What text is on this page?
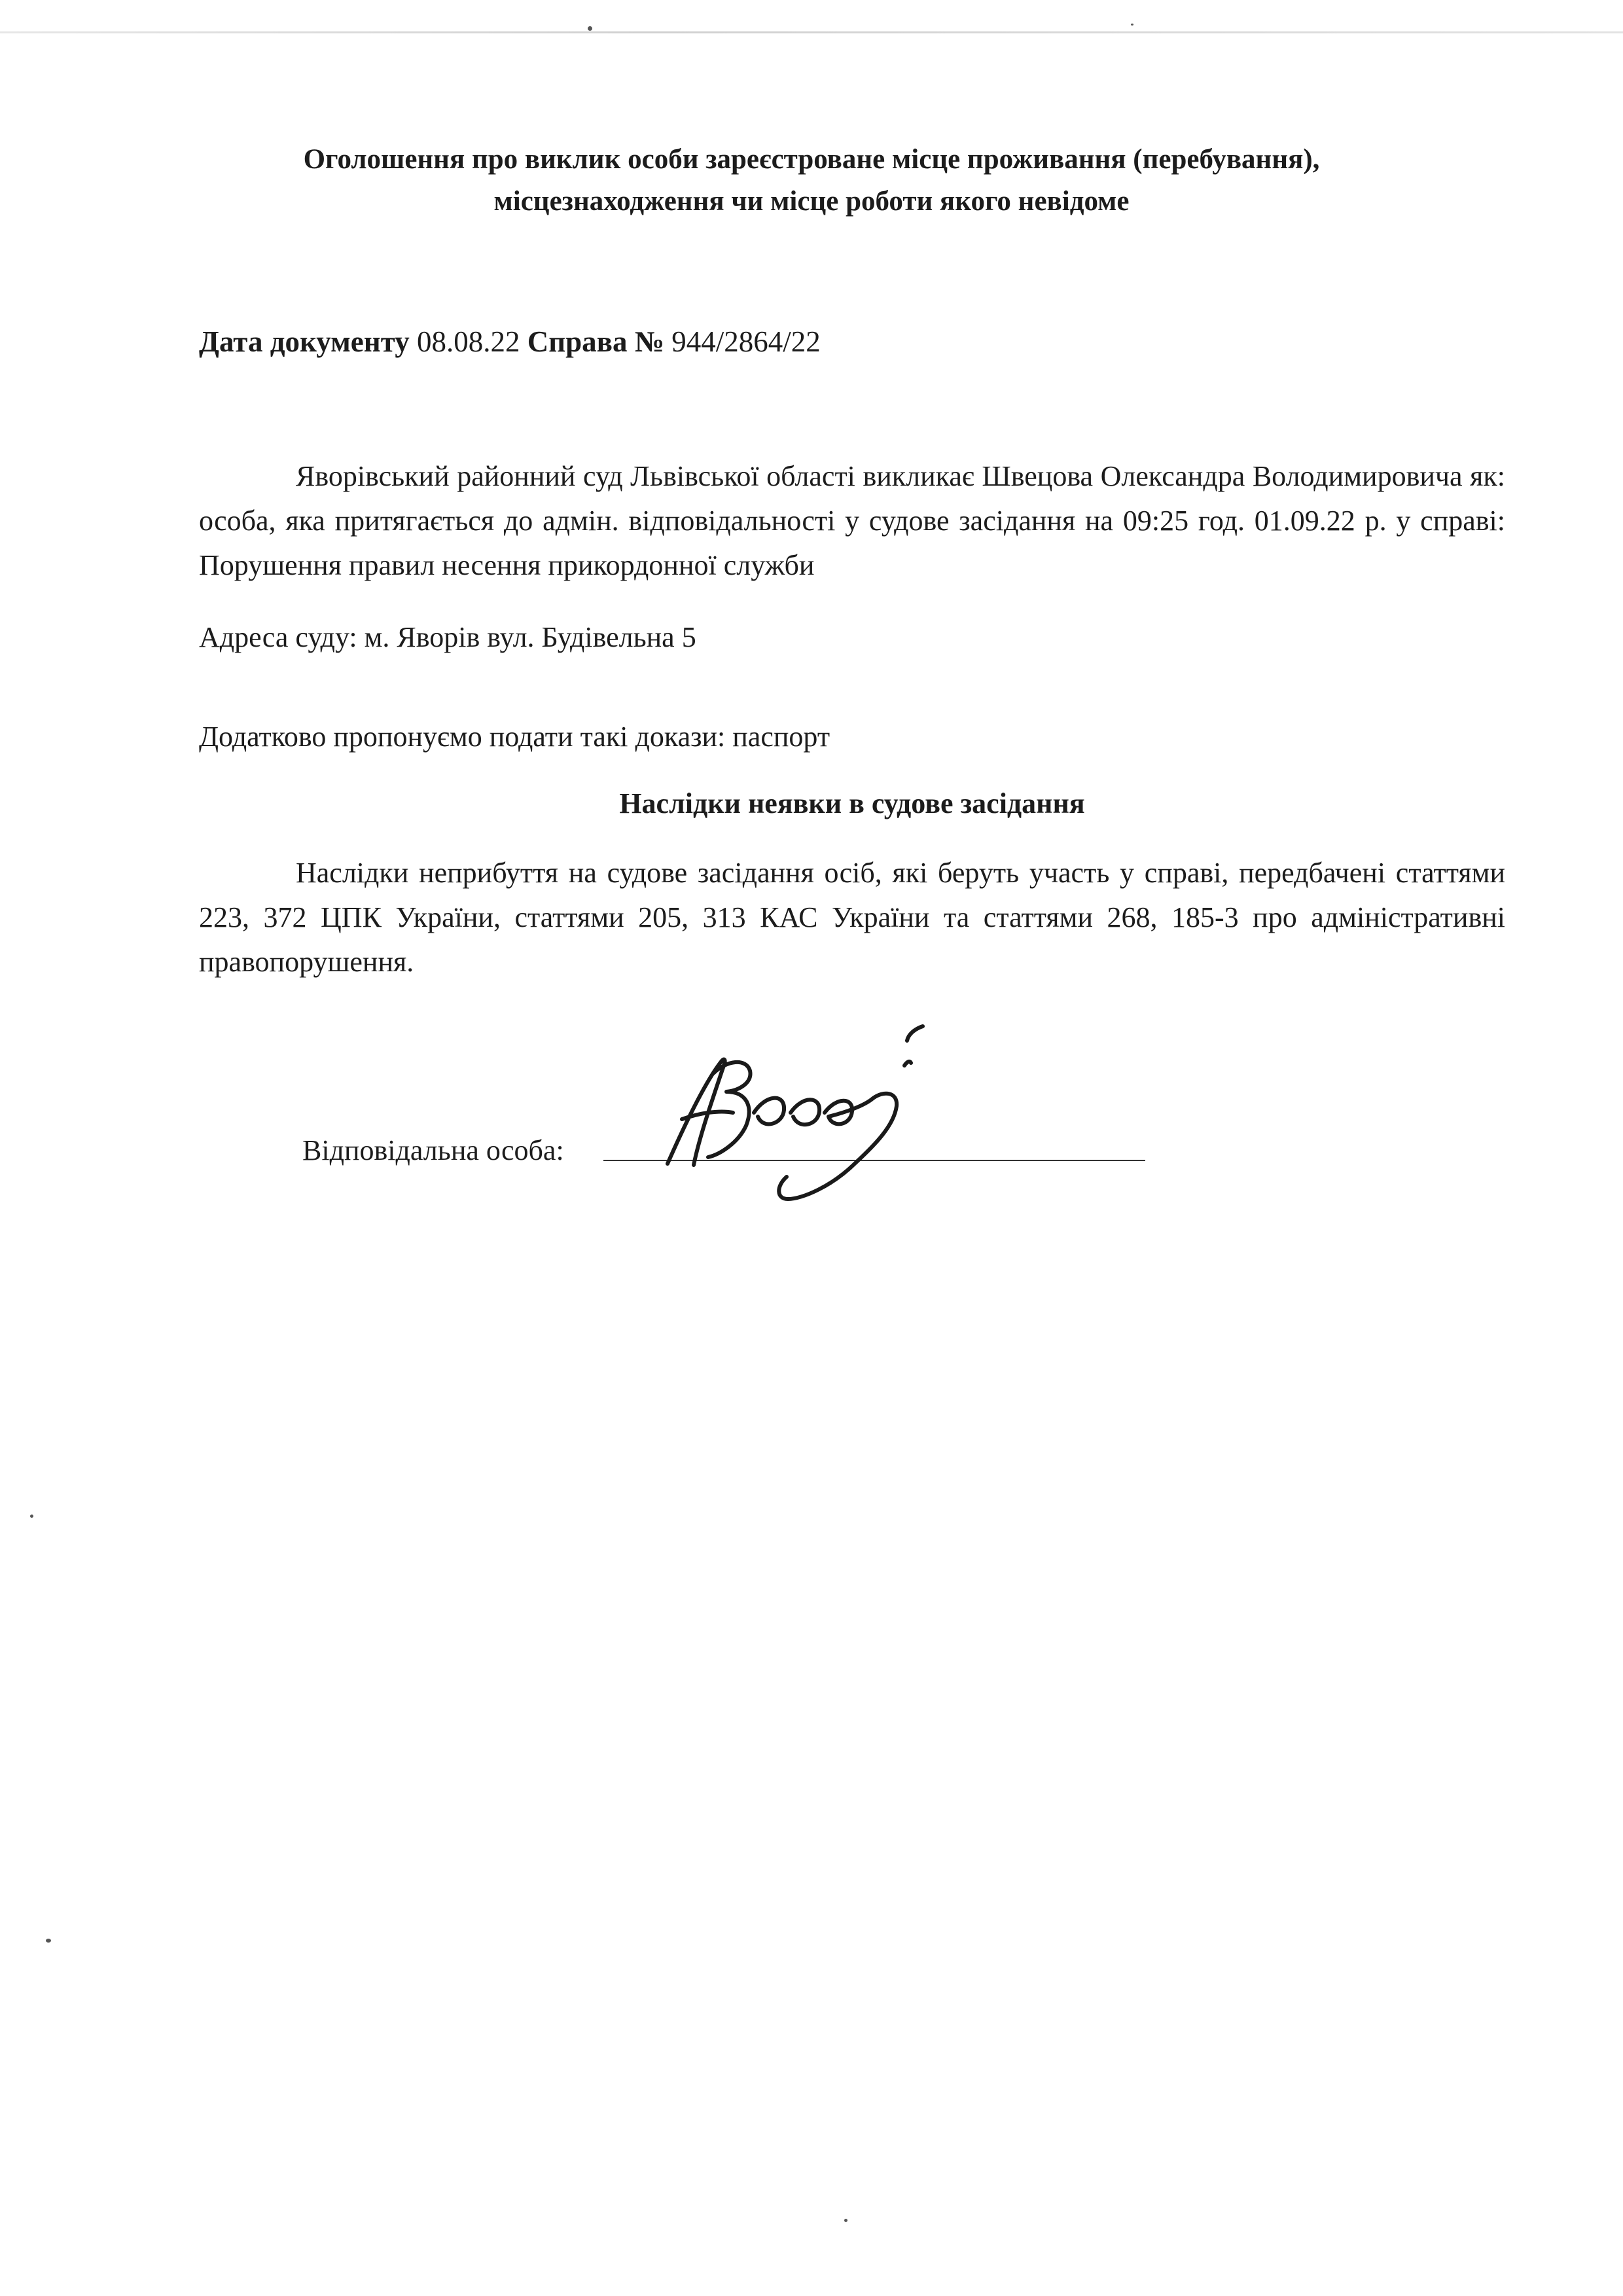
Оголошення про виклик особи зареєстроване місце проживання (перебування),
місцезнаходження чи місце роботи якого невідоме
Дата документу 08.08.22 Справа № 944/2864/22

Яворівський районний суд Львівської області викликає Швецова Олександра Володимировича як: особа, яка притягається до адмін. відповідальності у судове засідання на 09:25 год. 01.09.22 р. у справі: Порушення правил несення прикордонної служби

Адреса суду: м. Яворів вул. Будівельна 5
Додатково пропонуємо подати такі докази: паспорт
Наслідки неявки в судове засідання

Наслідки неприбуття на судове засідання осіб, які беруть участь у справі, передбачені статтями 223, 372 ЦПК України, статтями 205, 313 КАС України та статтями 268, 185-3 про адміністративні правопорушення.

Відповідальна особа:
